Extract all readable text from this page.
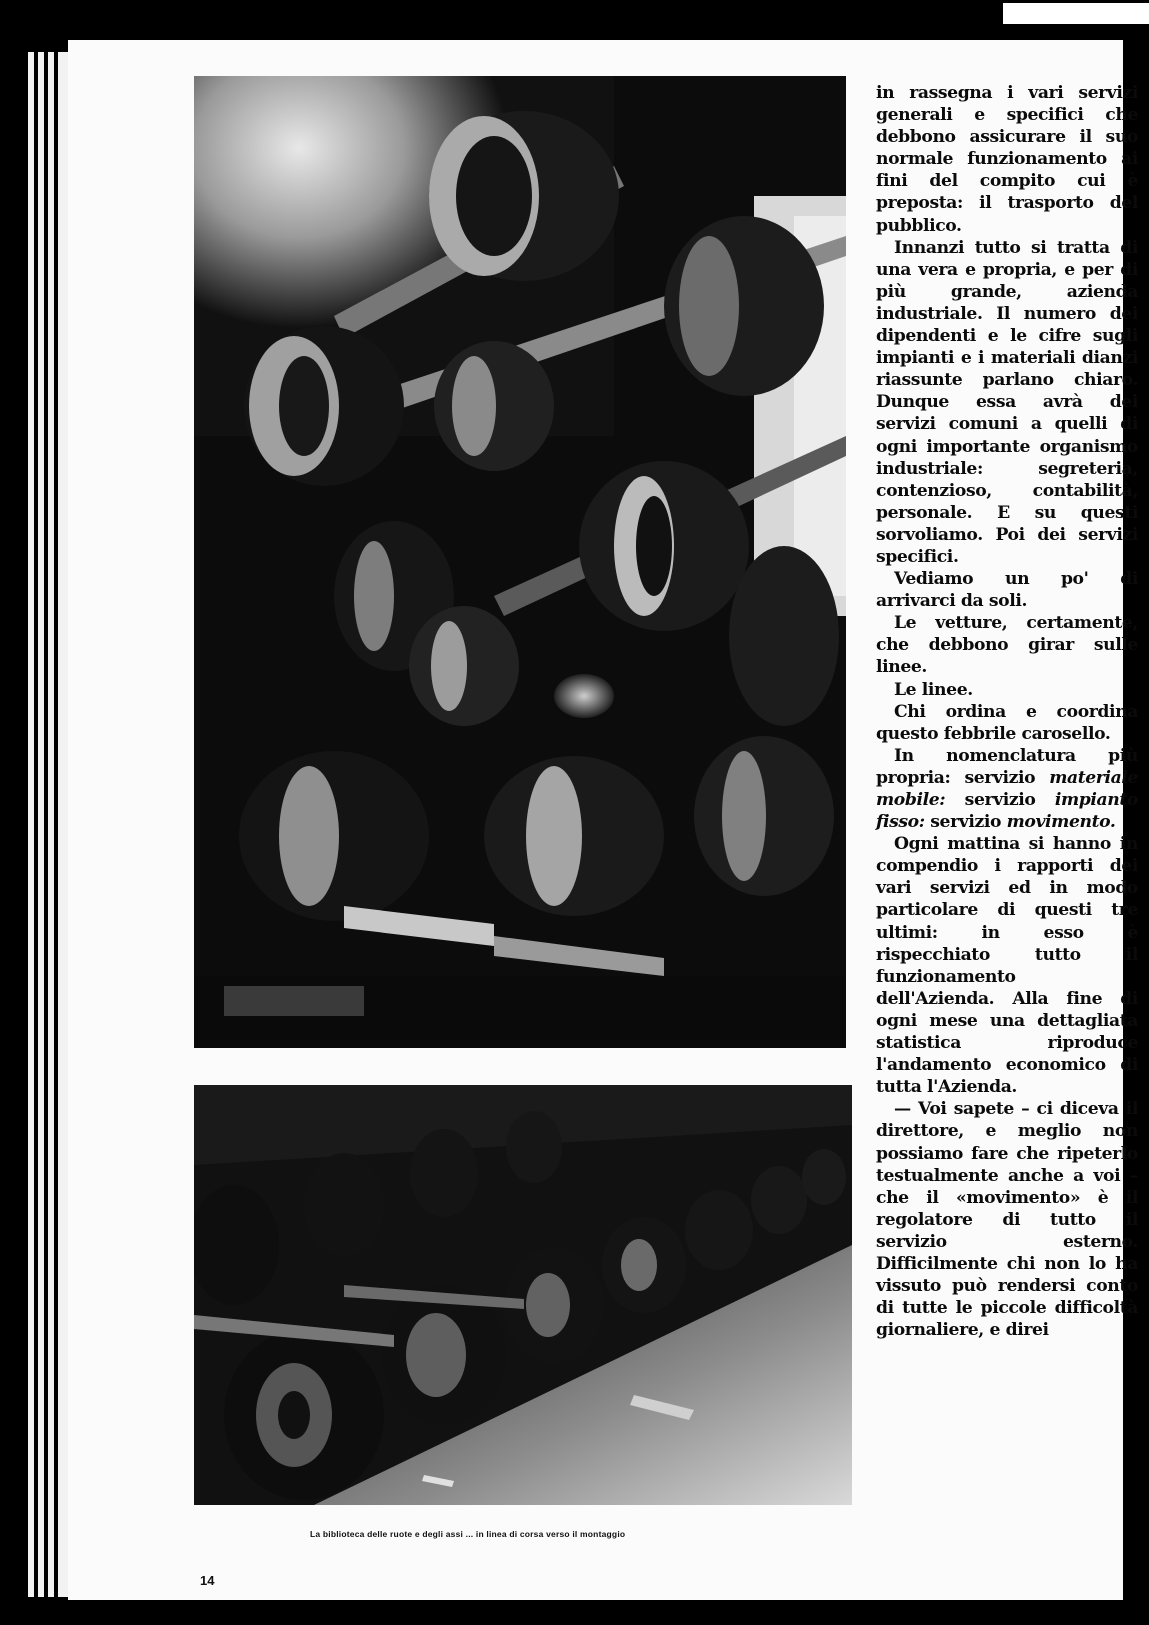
in rassegna i vari servizi generali e specifici che debbono assicurare il suo normale funzionamento ai fini del compito cui è preposta: il trasporto del pubblico.

Innanzi tutto si tratta di una vera e propria, e per di più grande, azienda industriale. Il numero dei dipendenti e le cifre sugli impianti e i materiali dianzi riassunte parlano chiaro. Dunque essa avrà dei servizi comuni a quelli di ogni importante organismo industriale: segreteria, contenzioso, contabilità, personale. E su questi sorvoliamo. Poi dei servizi specifici.

Vediamo un po' di arrivarci da soli.

Le vetture, certamente, che debbono girar sulle linee.

Le linee.

Chi ordina e coordina questo febbrile carosello.

In nomenclatura più propria: servizio materiale mobile: servizio impianto fisso: servizio movimento.

Ogni mattina si hanno in compendio i rapporti dei vari servizi ed in modo particolare di questi tre ultimi: in esso è rispecchiato tutto il funzionamento dell'Azienda. Alla fine di ogni mese una dettagliata statistica riproduce l'andamento economico di tutta l'Azienda.

— Voi sapete – ci diceva il direttore, e meglio non possiamo fare che ripeterlo testualmente anche a voi – che il «movimento» è il regolatore di tutto il servizio esterno. Difficilmente chi non lo ha vissuto può rendersi conto di tutte le piccole difficoltà giornaliere, e direi

La biblioteca delle ruote e degli assi ... in linea di corsa verso il montaggio
14
